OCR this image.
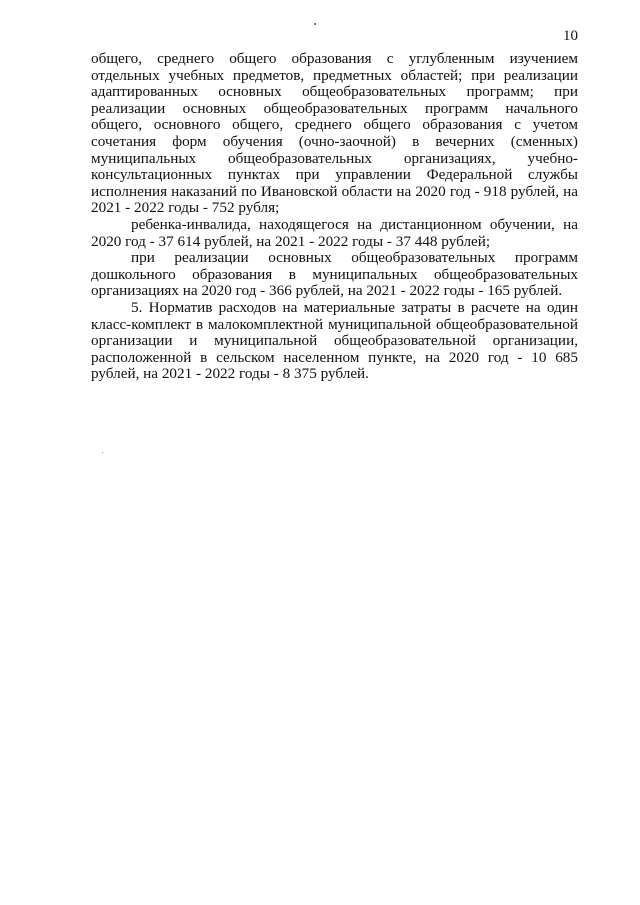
10

общего, среднего общего образования с углубленным изучением отдельных учебных предметов, предметных областей; при реализации адаптированных основных общеобразовательных программ; при реализации основных общеобразовательных программ начального общего, основного общего, среднего общего образования с учетом сочетания форм обучения (очно-заочной) в вечерних (сменных) муниципальных общеобразовательных организациях, учебно-консультационных пунктах при управлении Федеральной службы исполнения наказаний по Ивановской области на 2020 год - 918 рублей, на 2021 - 2022 годы - 752 рубля;

ребенка-инвалида, находящегося на дистанционном обучении, на 2020 год - 37 614 рублей, на 2021 - 2022 годы - 37 448 рублей;

при реализации основных общеобразовательных программ дошкольного образования в муниципальных общеобразовательных организациях на 2020 год - 366 рублей, на 2021 - 2022 годы - 165 рублей.

5. Норматив расходов на материальные затраты в расчете на один класс-комплект в малокомплектной муниципальной общеобразовательной организации и муниципальной общеобразовательной организации, расположенной в сельском населенном пункте, на 2020 год - 10 685 рублей, на 2021 - 2022 годы - 8 375 рублей.
